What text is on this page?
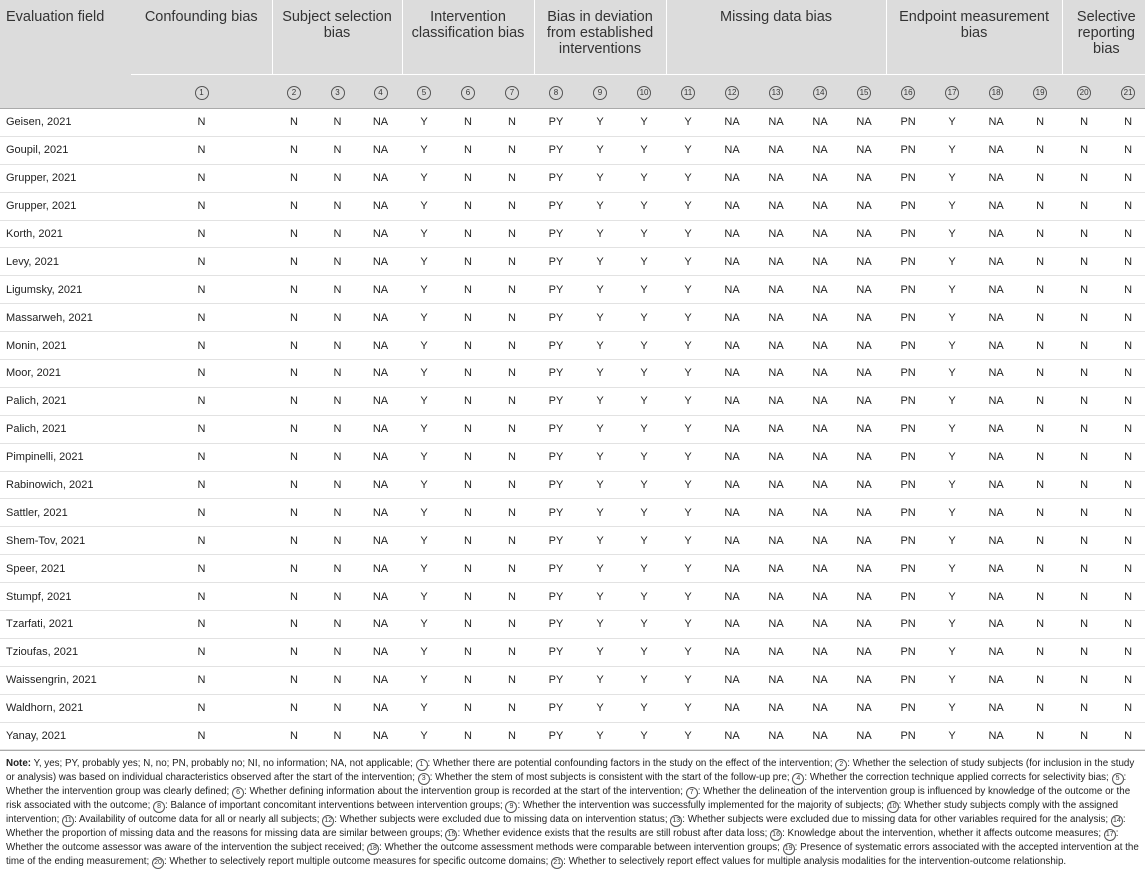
Evaluation field	Confounding bias	Subject selection bias			Intervention classification bias			Bias in deviation from established interventions			Missing data bias					Endpoint measurement bias				Selective reporting bias	
	1	2	3	4	5	6	7	8	9	10	11	12	13	14	15	16	17	18	19	20	21
Geisen, 2021	N	N	N	NA	Y	N	N	PY	Y	Y	Y	NA	NA	NA	NA	PN	Y	NA	N	N	N
Goupil, 2021	N	N	N	NA	Y	N	N	PY	Y	Y	Y	NA	NA	NA	NA	PN	Y	NA	N	N	N
Grupper, 2021	N	N	N	NA	Y	N	N	PY	Y	Y	Y	NA	NA	NA	NA	PN	Y	NA	N	N	N
Grupper, 2021	N	N	N	NA	Y	N	N	PY	Y	Y	Y	NA	NA	NA	NA	PN	Y	NA	N	N	N
Korth, 2021	N	N	N	NA	Y	N	N	PY	Y	Y	Y	NA	NA	NA	NA	PN	Y	NA	N	N	N
Levy, 2021	N	N	N	NA	Y	N	N	PY	Y	Y	Y	NA	NA	NA	NA	PN	Y	NA	N	N	N
Ligumsky, 2021	N	N	N	NA	Y	N	N	PY	Y	Y	Y	NA	NA	NA	NA	PN	Y	NA	N	N	N
Massarweh, 2021	N	N	N	NA	Y	N	N	PY	Y	Y	Y	NA	NA	NA	NA	PN	Y	NA	N	N	N
Monin, 2021	N	N	N	NA	Y	N	N	PY	Y	Y	Y	NA	NA	NA	NA	PN	Y	NA	N	N	N
Moor, 2021	N	N	N	NA	Y	N	N	PY	Y	Y	Y	NA	NA	NA	NA	PN	Y	NA	N	N	N
Palich, 2021	N	N	N	NA	Y	N	N	PY	Y	Y	Y	NA	NA	NA	NA	PN	Y	NA	N	N	N
Palich, 2021	N	N	N	NA	Y	N	N	PY	Y	Y	Y	NA	NA	NA	NA	PN	Y	NA	N	N	N
Pimpinelli, 2021	N	N	N	NA	Y	N	N	PY	Y	Y	Y	NA	NA	NA	NA	PN	Y	NA	N	N	N
Rabinowich, 2021	N	N	N	NA	Y	N	N	PY	Y	Y	Y	NA	NA	NA	NA	PN	Y	NA	N	N	N
Sattler, 2021	N	N	N	NA	Y	N	N	PY	Y	Y	Y	NA	NA	NA	NA	PN	Y	NA	N	N	N
Shem-Tov, 2021	N	N	N	NA	Y	N	N	PY	Y	Y	Y	NA	NA	NA	NA	PN	Y	NA	N	N	N
Speer, 2021	N	N	N	NA	Y	N	N	PY	Y	Y	Y	NA	NA	NA	NA	PN	Y	NA	N	N	N
Stumpf, 2021	N	N	N	NA	Y	N	N	PY	Y	Y	Y	NA	NA	NA	NA	PN	Y	NA	N	N	N
Tzarfati, 2021	N	N	N	NA	Y	N	N	PY	Y	Y	Y	NA	NA	NA	NA	PN	Y	NA	N	N	N
Tzioufas, 2021	N	N	N	NA	Y	N	N	PY	Y	Y	Y	NA	NA	NA	NA	PN	Y	NA	N	N	N
Waissengrin, 2021	N	N	N	NA	Y	N	N	PY	Y	Y	Y	NA	NA	NA	NA	PN	Y	NA	N	N	N
Waldhorn, 2021	N	N	N	NA	Y	N	N	PY	Y	Y	Y	NA	NA	NA	NA	PN	Y	NA	N	N	N
Yanay, 2021	N	N	N	NA	Y	N	N	PY	Y	Y	Y	NA	NA	NA	NA	PN	Y	NA	N	N	N
Note: Y, yes; PY, probably yes; N, no; PN, probably no; NI, no information; NA, not applicable; 1 : Whether there are potential confounding factors in the study on the effect of the intervention; 2 : Whether the selection of study subjects (for inclusion in the study or analysis) was based on individual characteristics observed after the start of the intervention; 3 : Whether the stem of most subjects is consistent with the start of the follow-up pre; 4 : Whether the correction technique applied corrects for selectivity bias; 5 : Whether the intervention group was clearly defined; 6 : Whether defining information about the intervention group is recorded at the start of the intervention; 7 : Whether the delineation of the intervention group is influenced by knowledge of the outcome or the risk associated with the outcome; 8 : Balance of important concomitant interventions between intervention groups; 9 : Whether the intervention was successfully implemented for the majority of subjects; 10 : Whether study subjects comply with the assigned intervention; 11 : Availability of outcome data for all or nearly all subjects; 12 : Whether subjects were excluded due to missing data on intervention status; 13 : Whether subjects were excluded due to missing data for other variables required for the analysis; 14 : Whether the proportion of missing data and the reasons for missing data are similar between groups; 15 : Whether evidence exists that the results are still robust after data loss; 16 : Knowledge about the intervention, whether it affects outcome measures; 17 : Whether the outcome assessor was aware of the intervention the subject received; 18 : Whether the outcome assessment methods were comparable between intervention groups; 19 : Presence of systematic errors associated with the accepted intervention at the time of the ending measurement; 20 : Whether to selectively report multiple outcome measures for specific outcome domains; 21 : Whether to selectively report effect values for multiple analysis modalities for the intervention-outcome relationship.
